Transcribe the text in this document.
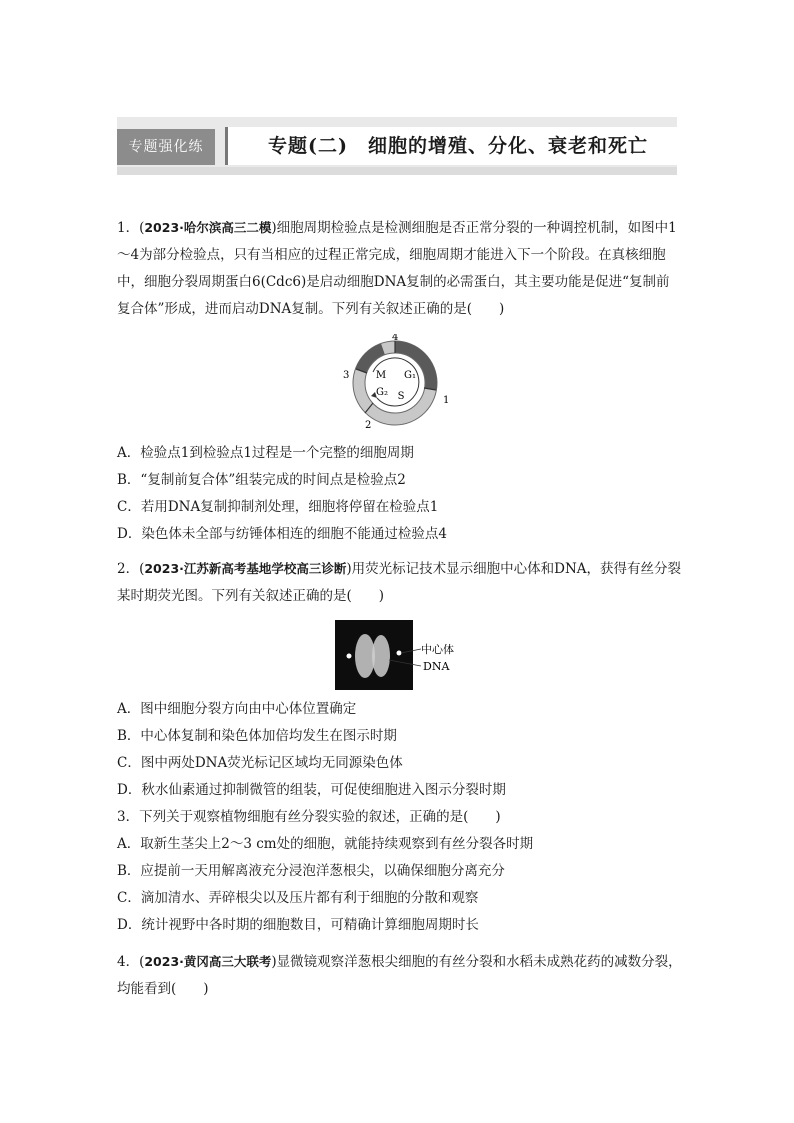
专题强化练	专题(二)　细胞的增殖、分化、衰老和死亡
1．(2023·哈尔滨高三二模)细胞周期检验点是检测细胞是否正常分裂的一种调控机制，如图中1～4为部分检验点，只有当相应的过程正常完成，细胞周期才能进入下一个阶段。在真核细胞中，细胞分裂周期蛋白6(Cdc6)是启动细胞DNA复制的必需蛋白，其主要功能是促进“复制前复合体”形成，进而启动DNA复制。下列有关叙述正确的是(　　)
M G₁
S
G₂
1
2
3
4
A．检验点1到检验点1过程是一个完整的细胞周期
B．“复制前复合体”组装完成的时间点是检验点2
C．若用DNA复制抑制剂处理，细胞将停留在检验点1
D．染色体未全部与纺锤体相连的细胞不能通过检验点4
2．(2023·江苏新高考基地学校高三诊断)用荧光标记技术显示细胞中心体和DNA，获得有丝分裂某时期荧光图。下列有关叙述正确的是(　　)
中心体
DNA
A．图中细胞分裂方向由中心体位置确定
B．中心体复制和染色体加倍均发生在图示时期
C．图中两处DNA荧光标记区域均无同源染色体
D．秋水仙素通过抑制微管的组装，可促使细胞进入图示分裂时期
3．下列关于观察植物细胞有丝分裂实验的叙述，正确的是(　　)
A．取新生茎尖上2～3 cm处的细胞，就能持续观察到有丝分裂各时期
B．应提前一天用解离液充分浸泡洋葱根尖，以确保细胞分离充分
C．滴加清水、弄碎根尖以及压片都有利于细胞的分散和观察
D．统计视野中各时期的细胞数目，可精确计算细胞周期时长
4．(2023·黄冈高三大联考)显微镜观察洋葱根尖细胞的有丝分裂和水稻未成熟花药的减数分裂，均能看到(　　)
